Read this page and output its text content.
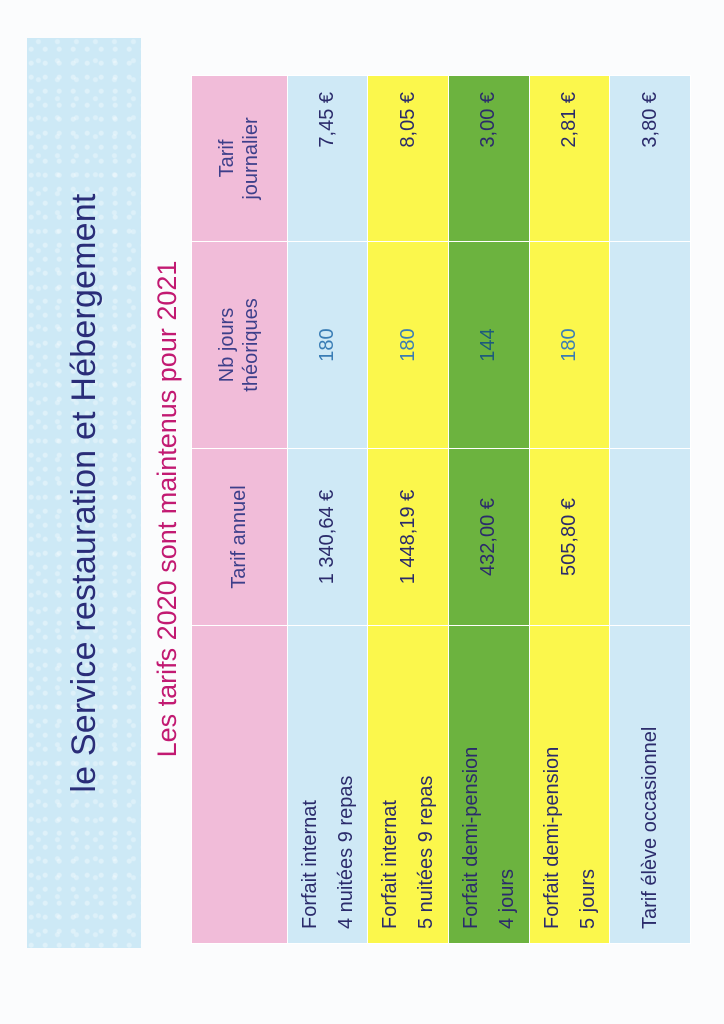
le Service restauration et Hébergement	Les tarifs 2020 sont maintenus pour 2021
		Tarif annuel	Nb jours théoriques	Tarif journalier

Forfait internat 4 nuitées 9 repas	1 340,64 €	180	7,45 €

Forfait internat 5 nuitées 9 repas	1 448,19 €	180	8,05 €

Forfait demi-pension 4 jours	432,00 €	144	3,00 €

Forfait demi-pension 5 jours	505,80 €	180	2,81 €

Tarif élève occasionnel			3,80 €
